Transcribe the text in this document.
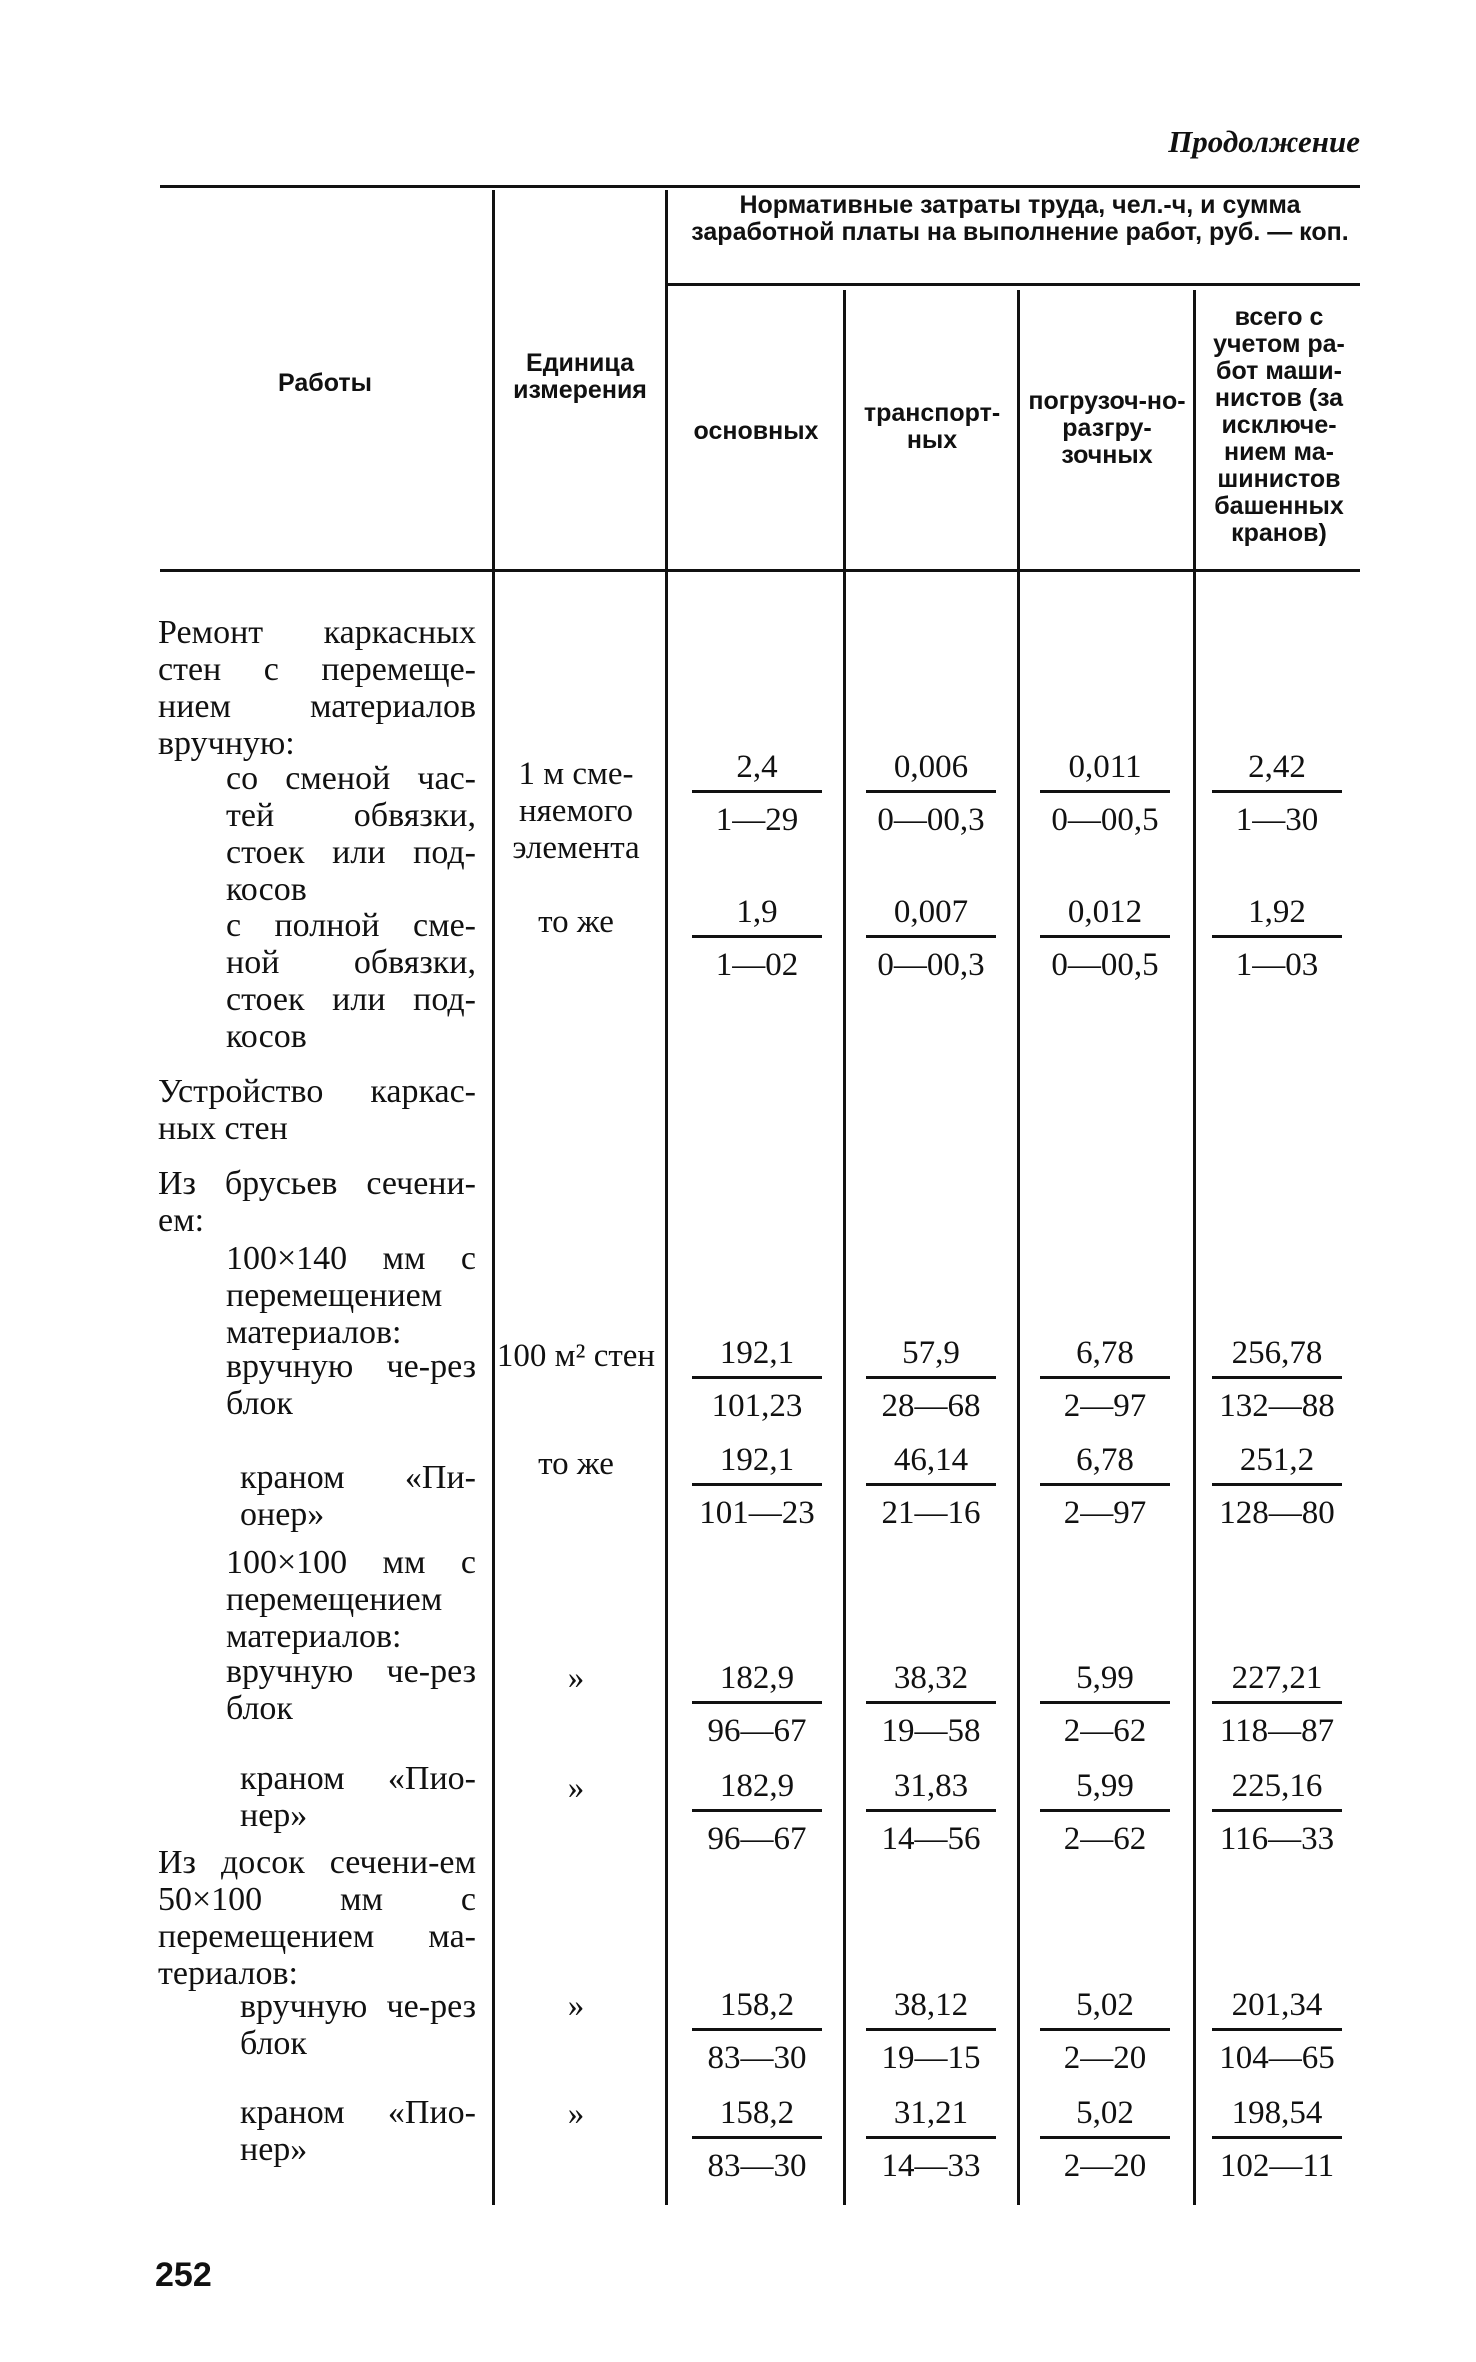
Продолжение
Работы
Единица измерения
Нормативные затраты труда, чел.-ч, и сумма заработной платы на выполнение работ, руб. — коп.
основных
транспорт-ных
погрузоч-но-разгру-зочных
всего с учетом ра-бот маши-нистов (за исключе-нием ма-шинистов башенных кранов)
Ремонт каркасных стен с перемеще-нием материалов вручную:
со сменой час-тей обвязки, стоек или под-косов
с полной сме-ной обвязки, стоек или под-косов
Устройство каркас-ных стен
Из брусьев сечени-ем:
100×140 мм с перемещением материалов:
вручную че-рез блок
краном «Пи-онер»
100×100 мм с перемещением материалов:
вручную че-рез блок
краном «Пио-нер»
Из досок сечени-ем 50×100 мм с перемещением ма-териалов:
вручную че-рез блок
краном «Пио-нер»
1 м сме-няемого элемента
то же
100 м² стен
то же
»
»
»
»
$\frac{2,4}{1—29} \frac{0,006}{0—00,3} \frac{0,011}{0—00,5} \frac{2,42}{1—30}$
$\frac{1,9}{1—02} \frac{0,007}{0—00,3} \frac{0,012}{0—00,5} \frac{1,92}{1—03}$
$\frac{192,1}{101,23} \frac{57,9}{28—68} \frac{6,78}{2—97} \frac{256,78}{132—88}$
$\frac{192,1}{101—23} \frac{46,14}{21—16} \frac{6,78}{2—97} \frac{251,2}{128—80}$
$\frac{182,9}{96—67} \frac{38,32}{19—58} \frac{5,99}{2—62} \frac{227,21}{118—87}$
$\frac{182,9}{96—67} \frac{31,83}{14—56} \frac{5,99}{2—62} \frac{225,16}{116—33}$
$\frac{158,2}{83—30} \frac{38,12}{19—15} \frac{5,02}{2—20} \frac{201,34}{104—65}$
$\frac{158,2}{83—30} \frac{31,21}{14—33} \frac{5,02}{2—20} \frac{198,54}{102—11}$
252
